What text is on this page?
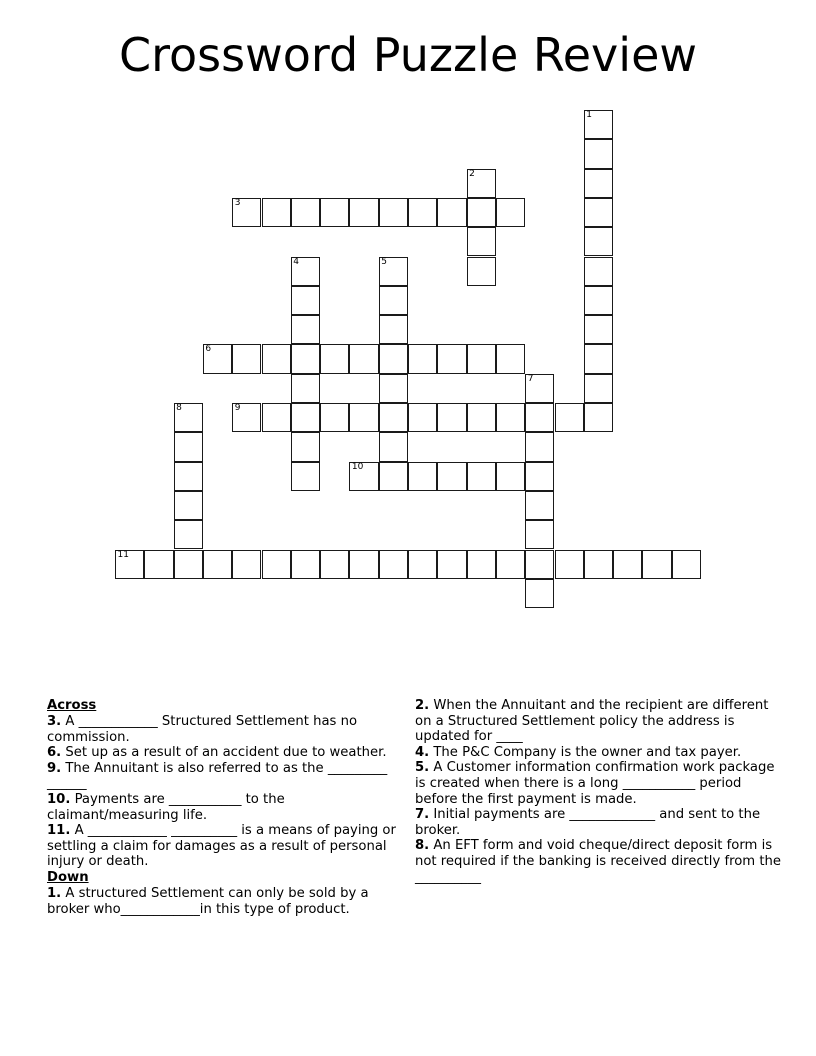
Crossword Puzzle Review
1
2
3
4	5
6
7
8	9
10
11
Across
3. A ____________ Structured Settlement has no commission.
6. Set up as a result of an accident due to weather.
9. The Annuitant is also referred to as the _________ ______
10. Payments are ___________ to the claimant/measuring life.
11. A ____________ __________ is a means of paying or settling a claim for damages as a result of personal injury or death.
Down
1. A structured Settlement can only be sold by a broker who____________in this type of product.
2. When the Annuitant and the recipient are different on a Structured Settlement policy the address is updated for ____
4. The P&C Company is the owner and tax payer.
5. A Customer information confirmation work package is created when there is a long ___________ period before the first payment is made.
7. Initial payments are _____________ and sent to the broker.
8. An EFT form and void cheque/direct deposit form is not required if the banking is received directly from the __________
